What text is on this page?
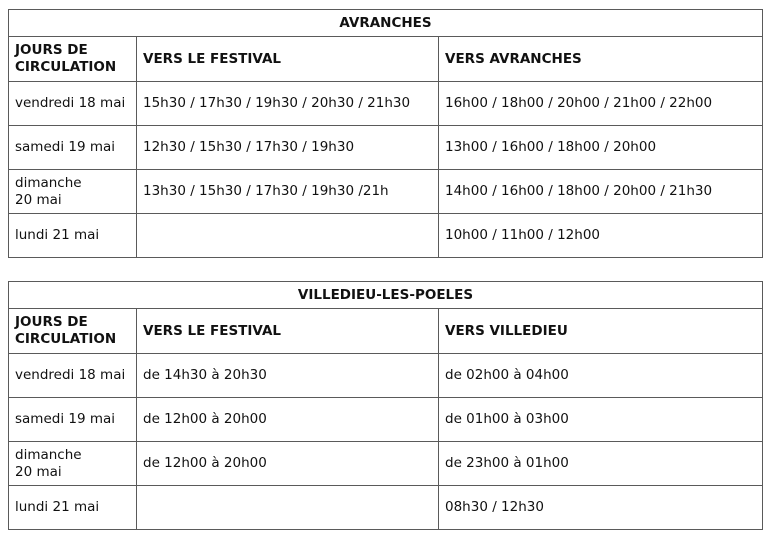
AVRANCHES		
JOURS DE CIRCULATION	VERS LE FESTIVAL	VERS AVRANCHES
vendredi 18 mai	15h30 / 17h30 / 19h30 / 20h30 / 21h30	16h00 / 18h00 / 20h00 / 21h00 / 22h00
samedi 19 mai	12h30 / 15h30 / 17h30 / 19h30	13h00 / 16h00 / 18h00 / 20h00
dimanche 20 mai	13h30 / 15h30 / 17h30 / 19h30 /21h	14h00 / 16h00 / 18h00 / 20h00 / 21h30
lundi 21 mai		10h00 / 11h00 / 12h00
VILLEDIEU-LES-POELES		
JOURS DE CIRCULATION	VERS LE FESTIVAL	VERS VILLEDIEU
vendredi 18 mai	de 14h30 à 20h30	de 02h00 à 04h00
samedi 19 mai	de 12h00 à 20h00	de 01h00 à 03h00
dimanche 20 mai	de 12h00 à 20h00	de 23h00 à 01h00
lundi 21 mai		08h30 / 12h30
